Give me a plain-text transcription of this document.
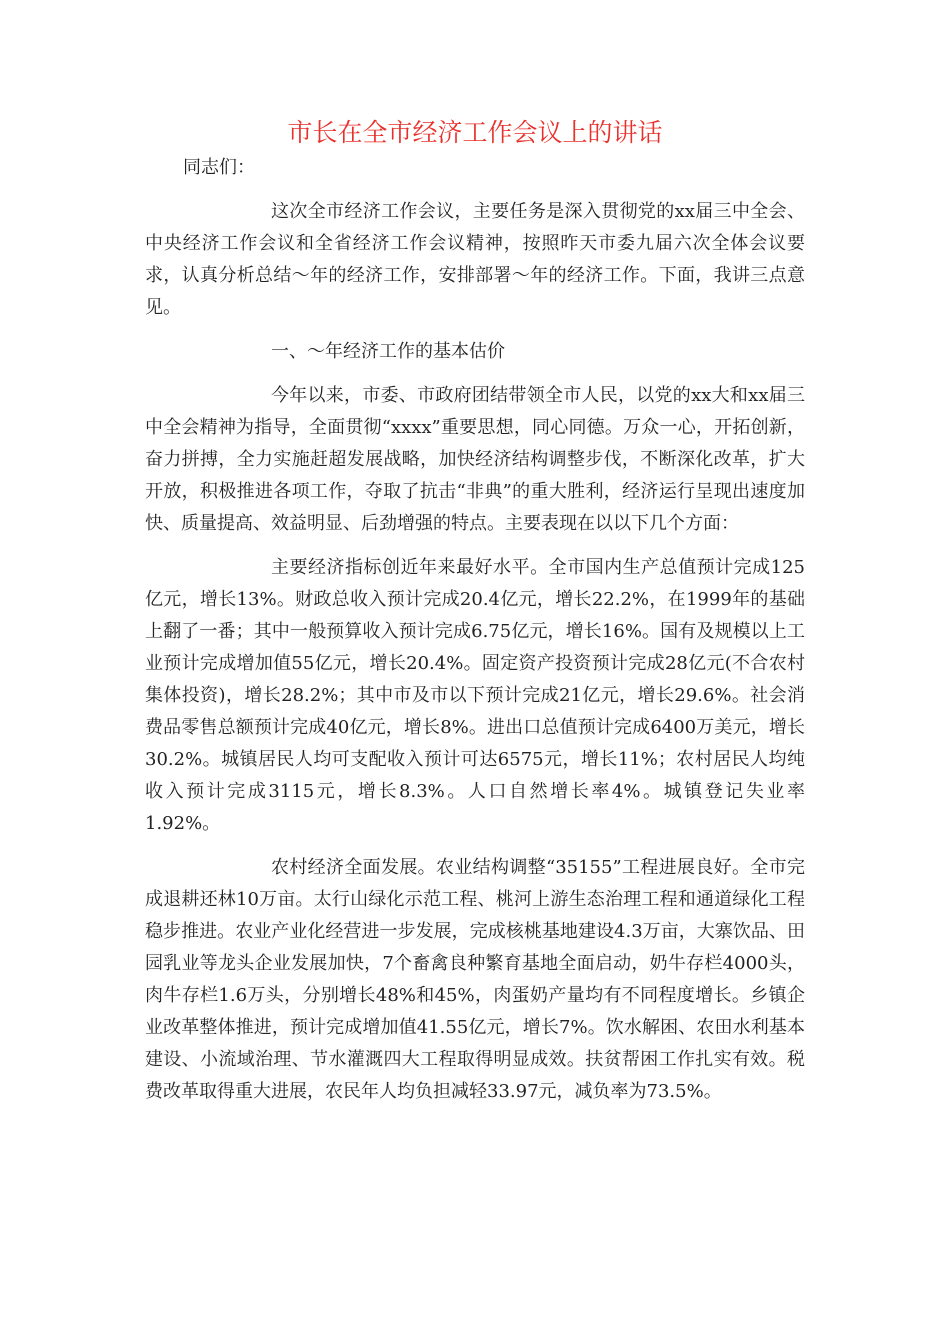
市长在全市经济工作会议上的讲话

同志们：

这次全市经济工作会议，主要任务是深入贯彻党的xx届三中全会、中央经济工作会议和全省经济工作会议精神，按照昨天市委九届六次全体会议要求，认真分析总结～年的经济工作，安排部署～年的经济工作。下面，我讲三点意见。

一、～年经济工作的基本估价

今年以来，市委、市政府团结带领全市人民，以党的xx大和xx届三中全会精神为指导，全面贯彻“xxxx”重要思想，同心同德。万众一心，开拓创新，奋力拼搏，全力实施赶超发展战略，加快经济结构调整步伐，不断深化改革，扩大开放，积极推进各项工作，夺取了抗击“非典”的重大胜利，经济运行呈现出速度加快、质量提高、效益明显、后劲增强的特点。主要表现在以以下几个方面：

主要经济指标创近年来最好水平。全市国内生产总值预计完成125亿元，增长13%。财政总收入预计完成20.4亿元，增长22.2%，在1999年的基础上翻了一番；其中一般预算收入预计完成6.75亿元，增长16%。国有及规模以上工业预计完成增加值55亿元，增长20.4%。固定资产投资预计完成28亿元(不合农村集体投资)，增长28.2%；其中市及市以下预计完成21亿元，增长29.6%。社会消费品零售总额预计完成40亿元，增长8%。进出口总值预计完成6400万美元，增长30.2%。城镇居民人均可支配收入预计可达6575元，增长11%；农村居民人均纯收入预计完成3115元，增长8.3%。人口自然增长率4%。城镇登记失业率1.92%。

农村经济全面发展。农业结构调整“35155”工程进展良好。全市完成退耕还林10万亩。太行山绿化示范工程、桃河上游生态治理工程和通道绿化工程稳步推进。农业产业化经营进一步发展，完成核桃基地建设4.3万亩，大寨饮品、田园乳业等龙头企业发展加快，7个畜禽良种繁育基地全面启动，奶牛存栏4000头，肉牛存栏1.6万头，分别增长48%和45%，肉蛋奶产量均有不同程度增长。乡镇企业改革整体推进，预计完成增加值41.55亿元，增长7%。饮水解困、农田水利基本建设、小流域治理、节水灌溉四大工程取得明显成效。扶贫帮困工作扎实有效。税费改革取得重大进展，农民年人均负担减轻33.97元，减负率为73.5%。
